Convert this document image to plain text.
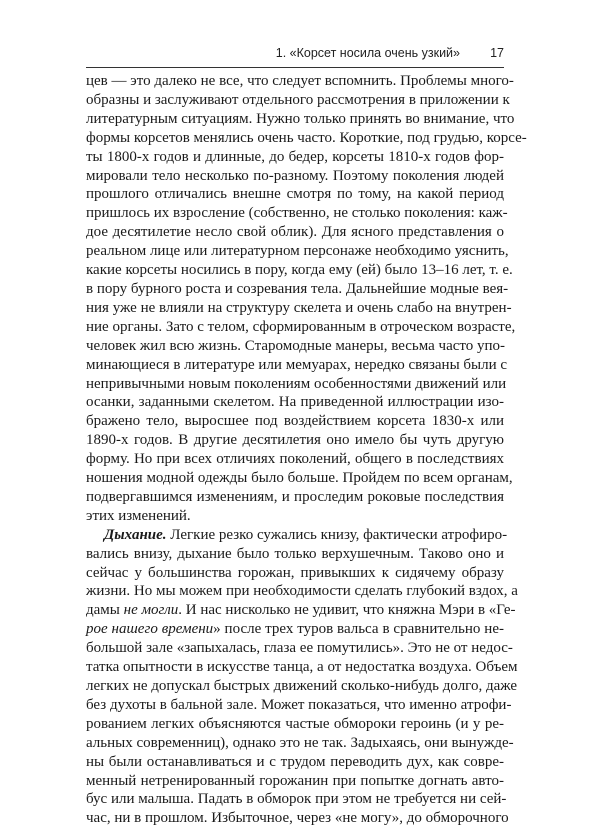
1. «Корсет носила очень узкий» 17
цев — это далеко не все, что следует вспомнить. Проблемы много-
образны и заслуживают отдельного рассмотрения в приложении к
литературным ситуациям. Нужно только принять во внимание, что
формы корсетов менялись очень часто. Короткие, под грудью, корсе-
ты 1800-х годов и длинные, до бедер, корсеты 1810-х годов фор-
мировали тело несколько по-разному. Поэтому поколения людей
прошлого отличались внешне смотря по тому, на какой период
пришлось их взросление (собственно, не столько поколения: каж-
дое десятилетие несло свой облик). Для ясного представления о
реальном лице или литературном персонаже необходимо уяснить,
какие корсеты носились в пору, когда ему (ей) было 13–16 лет, т. е.
в пору бурного роста и созревания тела. Дальнейшие модные вея-
ния уже не влияли на структуру скелета и очень слабо на внутрен-
ние органы. Зато с телом, сформированным в отроческом возрасте,
человек жил всю жизнь. Старомодные манеры, весьма часто упо-
минающиеся в литературе или мемуарах, нередко связаны были с
непривычными новым поколениям особенностями движений или
осанки, заданными скелетом. На приведенной иллюстрации изо-
бражено тело, выросшее под воздействием корсета 1830-х или
1890-х годов. В другие десятилетия оно имело бы чуть другую
форму. Но при всех отличиях поколений, общего в последствиях
ношения модной одежды было больше. Пройдем по всем органам,
подвергавшимся изменениям, и проследим роковые последствия
этих изменений.
Дыхание. Легкие резко сужались книзу, фактически атрофиро-
вались внизу, дыхание было только верхушечным. Таково оно и
сейчас у большинства горожан, привыкших к сидячему образу
жизни. Но мы можем при необходимости сделать глубокий вздох, а
дамы не могли. И нас нисколько не удивит, что княжна Мэри в «Ге-
рое нашего времени» после трех туров вальса в сравнительно не-
большой зале «запыхалась, глаза ее помутились». Это не от недос-
татка опытности в искусстве танца, а от недостатка воздуха. Объем
легких не допускал быстрых движений сколько-нибудь долго, даже
без духоты в бальной зале. Может показаться, что именно атрофи-
рованием легких объясняются частые обмороки героинь (и у ре-
альных современниц), однако это не так. Задыхаясь, они вынужде-
ны были останавливаться и с трудом переводить дух, как совре-
менный нетренированный горожанин при попытке догнать авто-
бус или малыша. Падать в обморок при этом не требуется ни сей-
час, ни в прошлом. Избыточное, через «не могу», до обморочного
